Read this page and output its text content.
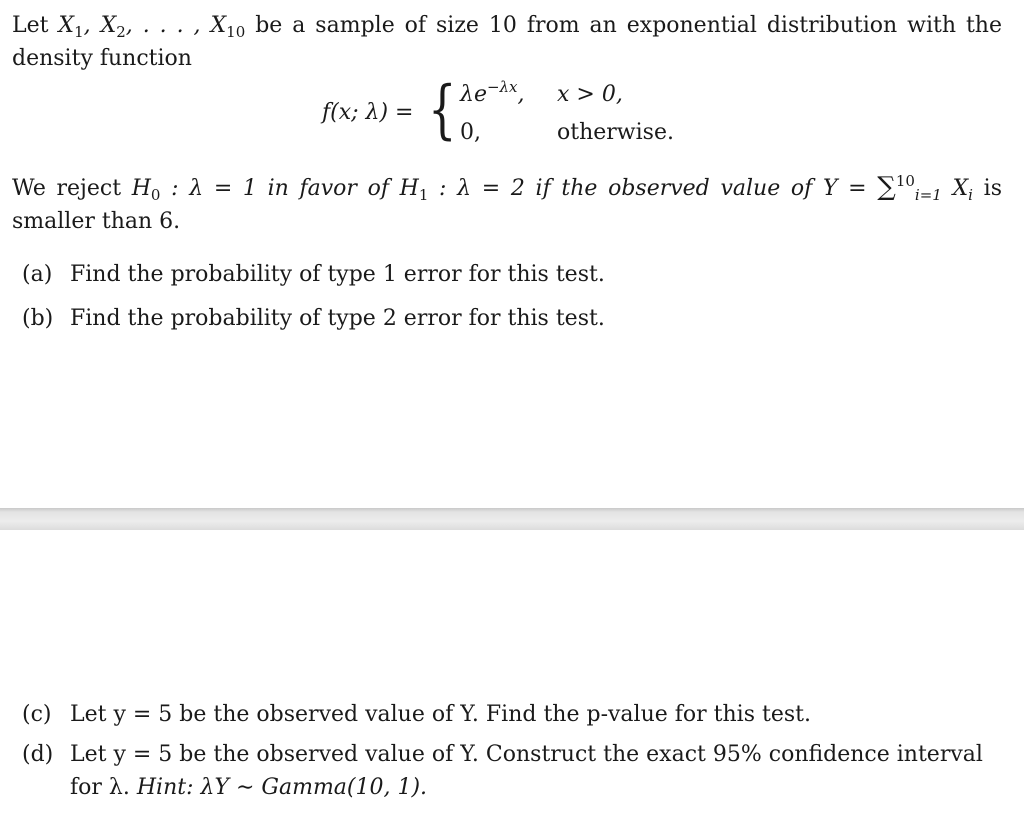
Let $X_1$, $X_2$, . . . , $X_{10}$ be a sample of size 10 from an exponential distribution with the density function
f(x; λ) = { $\lambda e^{-\lambda x}$, x > 0,
0,	otherwise.
We reject $H_0$ : λ = 1 in favor of $H_1$ : λ = 2 if the observed value of Y = ∑$^{10}_{i=1}$ $X_i$ is smaller than 6.
(a) Find the probability of type 1 error for this test.
(b) Find the probability of type 2 error for this test.
(c) Let y = 5 be the observed value of Y. Find the p-value for this test.
(d) Let y = 5 be the observed value of Y. Construct the exact 95% confidence interval for λ. Hint: λY ∼ Gamma(10, 1).
